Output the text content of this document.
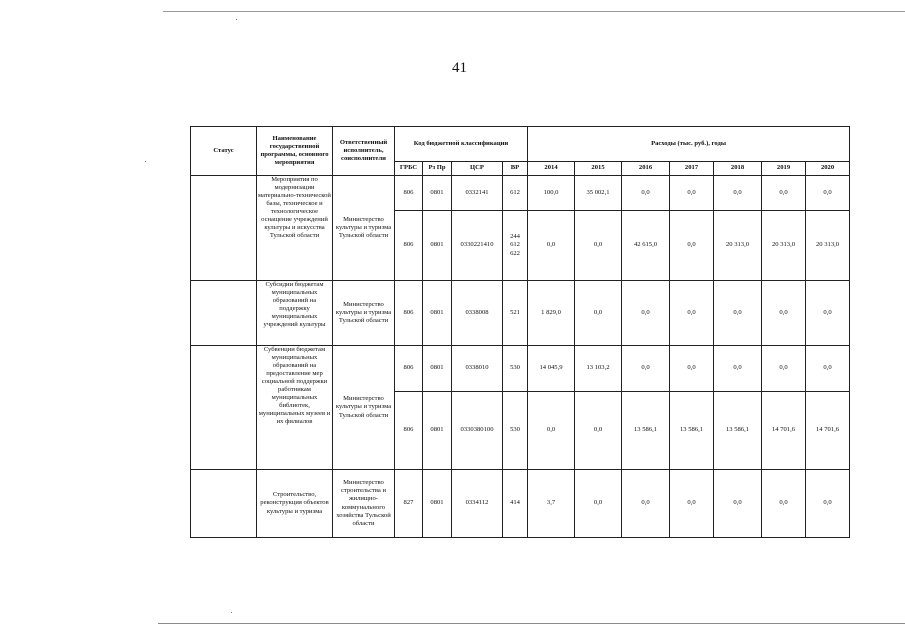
41
Статус	Наименование государственной программы, основного мероприятия	Ответственный исполнитель, соисполнители	Код бюджетной классификации				Расходы (тыс. руб.), годы						
			ГРБС	Рз Пр	ЦСР	ВР	2014	2015	2016	2017	2018	2019	2020
	Мероприятия по модернизации материально-технической базы, техническое и технологическое оснащение учреждений культуры и искусства Тульской области	Министерство культуры и туризма Тульской области	806	0801	0332141	612	100,0	35 002,1	0,0	0,0	0,0	0,0	0,0
			806	0801	0330221410	244
612
622	0,0	0,0	42 615,0	0,0	20 313,0	20 313,0	20 313,0
	Субсидии бюджетам муниципальных образований на поддержку муниципальных учреждений культуры	Министерство культуры и туризма Тульской области	806	0801	0338008	521	1 829,0	0,0	0,0	0,0	0,0	0,0	0,0
	Субвенции бюджетам муниципальных образований на предоставление мер социальной поддержки работникам муниципальных библиотек, муниципальных музеев и их филиалов	Министерство культуры и туризма Тульской области	806	0801	0338010	530	14 045,9	13 103,2	0,0	0,0	0,0	0,0	0,0
			806	0801	0330380100	530	0,0	0,0	13 586,1	13 586,1	13 586,1	14 701,6	14 701,6
	Строительство, реконструкция объектов культуры и туризма	Министерство строительства и жилищно-коммунального хозяйства Тульской области	827	0801	0334112	414	3,7	0,0	0,0	0,0	0,0	0,0	0,0
